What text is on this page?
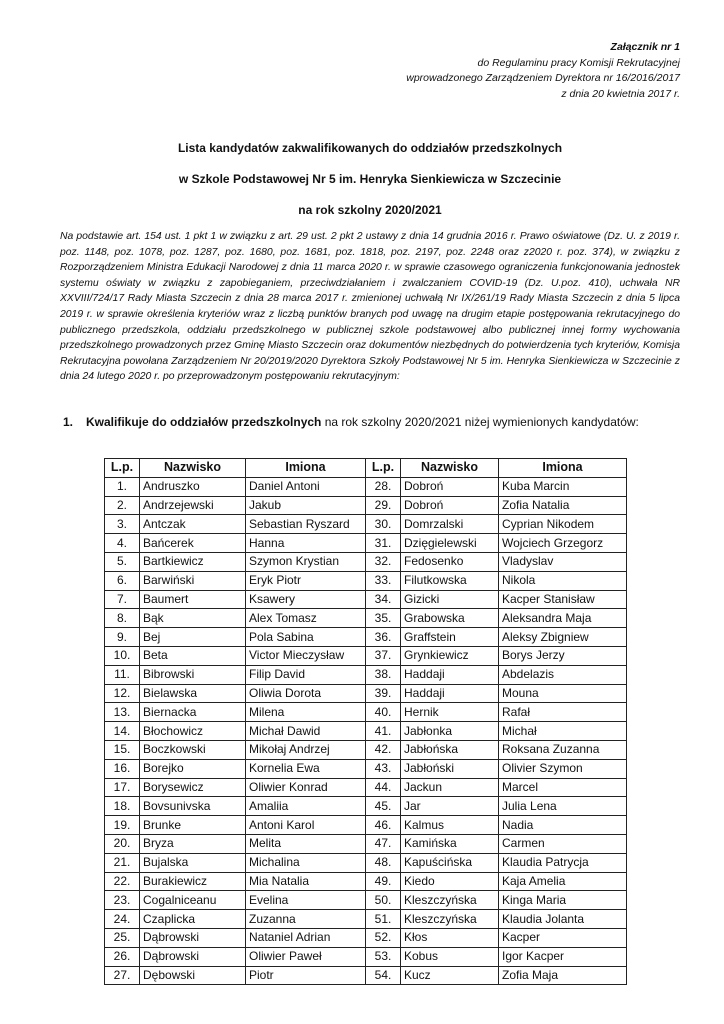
Załącznik nr 1
do Regulaminu pracy Komisji Rekrutacyjnej
wprowadzonego Zarządzeniem Dyrektora nr 16/2016/2017
z dnia 20 kwietnia 2017 r.
Lista kandydatów zakwalifikowanych do oddziałów przedszkolnych
w Szkole Podstawowej Nr 5 im. Henryka Sienkiewicza w Szczecinie
na rok szkolny 2020/2021

Na podstawie art. 154 ust. 1 pkt 1 w związku z art. 29 ust. 2 pkt 2 ustawy z dnia 14 grudnia 2016 r. Prawo oświatowe (Dz. U. z 2019 r. poz. 1148, poz. 1078, poz. 1287, poz. 1680, poz. 1681, poz. 1818, poz. 2197, poz. 2248 oraz z2020 r. poz. 374), w związku z Rozporządzeniem Ministra Edukacji Narodowej z dnia 11 marca 2020 r. w sprawie czasowego ograniczenia funkcjonowania jednostek systemu oświaty w związku z zapobieganiem, przeciwdziałaniem i zwalczaniem COVID-19 (Dz. U.poz. 410), uchwała NR XXVIII/724/17 Rady Miasta Szczecin z dnia 28 marca 2017 r. zmienionej uchwałą Nr IX/261/19 Rady Miasta Szczecin z dnia 5 lipca 2019 r. w sprawie określenia kryteriów wraz z liczbą punktów branych pod uwagę na drugim etapie postępowania rekrutacyjnego do publicznego przedszkola, oddziału przedszkolnego w publicznej szkole podstawowej albo publicznej innej formy wychowania przedszkolnego prowadzonych przez Gminę Miasto Szczecin oraz dokumentów niezbędnych do potwierdzenia tych kryteriów, Komisja Rekrutacyjna powołana Zarządzeniem Nr 20/2019/2020 Dyrektora Szkoły Podstawowej Nr 5 im. Henryka Sienkiewicza w Szczecinie z dnia 24 lutego 2020 r. po przeprowadzonym postępowaniu rekrutacyjnym:

1. Kwalifikuje do oddziałów przedszkolnych na rok szkolny 2020/2021 niżej wymienionych kandydatów:
L.p.	Nazwisko	Imiona	L.p.	Nazwisko	Imiona
1.	Andruszko	Daniel Antoni	28.	Dobroń	Kuba Marcin
2.	Andrzejewski	Jakub	29.	Dobroń	Zofia Natalia
3.	Antczak	Sebastian Ryszard	30.	Domrzalski	Cyprian Nikodem
4.	Bańcerek	Hanna	31.	Dzięgielewski	Wojciech Grzegorz
5.	Bartkiewicz	Szymon Krystian	32.	Fedosenko	Vladyslav
6.	Barwiński	Eryk Piotr	33.	Filutkowska	Nikola
7.	Baumert	Ksawery	34.	Gizicki	Kacper Stanisław
8.	Bąk	Alex Tomasz	35.	Grabowska	Aleksandra Maja
9.	Bej	Pola Sabina	36.	Graffstein	Aleksy Zbigniew
10.	Beta	Victor Mieczysław	37.	Grynkiewicz	Borys Jerzy
11.	Bibrowski	Filip David	38.	Haddaji	Abdelazis
12.	Bielawska	Oliwia Dorota	39.	Haddaji	Mouna
13.	Biernacka	Milena	40.	Hernik	Rafał
14.	Błochowicz	Michał Dawid	41.	Jabłonka	Michał
15.	Boczkowski	Mikołaj Andrzej	42.	Jabłońska	Roksana Zuzanna
16.	Borejko	Kornelia Ewa	43.	Jabłoński	Olivier Szymon
17.	Borysewicz	Oliwier Konrad	44.	Jackun	Marcel
18.	Bovsunivska	Amaliia	45.	Jar	Julia Lena
19.	Brunke	Antoni Karol	46.	Kalmus	Nadia
20.	Bryza	Melita	47.	Kamińska	Carmen
21.	Bujalska	Michalina	48.	Kapuścińska	Klaudia Patrycja
22.	Burakiewicz	Mia Natalia	49.	Kiedo	Kaja Amelia
23.	Cogalniceanu	Evelina	50.	Kleszczyńska	Kinga Maria
24.	Czaplicka	Zuzanna	51.	Kleszczyńska	Klaudia Jolanta
25.	Dąbrowski	Nataniel Adrian	52.	Kłos	Kacper
26.	Dąbrowski	Oliwier Paweł	53.	Kobus	Igor Kacper
27.	Dębowski	Piotr	54.	Kucz	Zofia Maja
